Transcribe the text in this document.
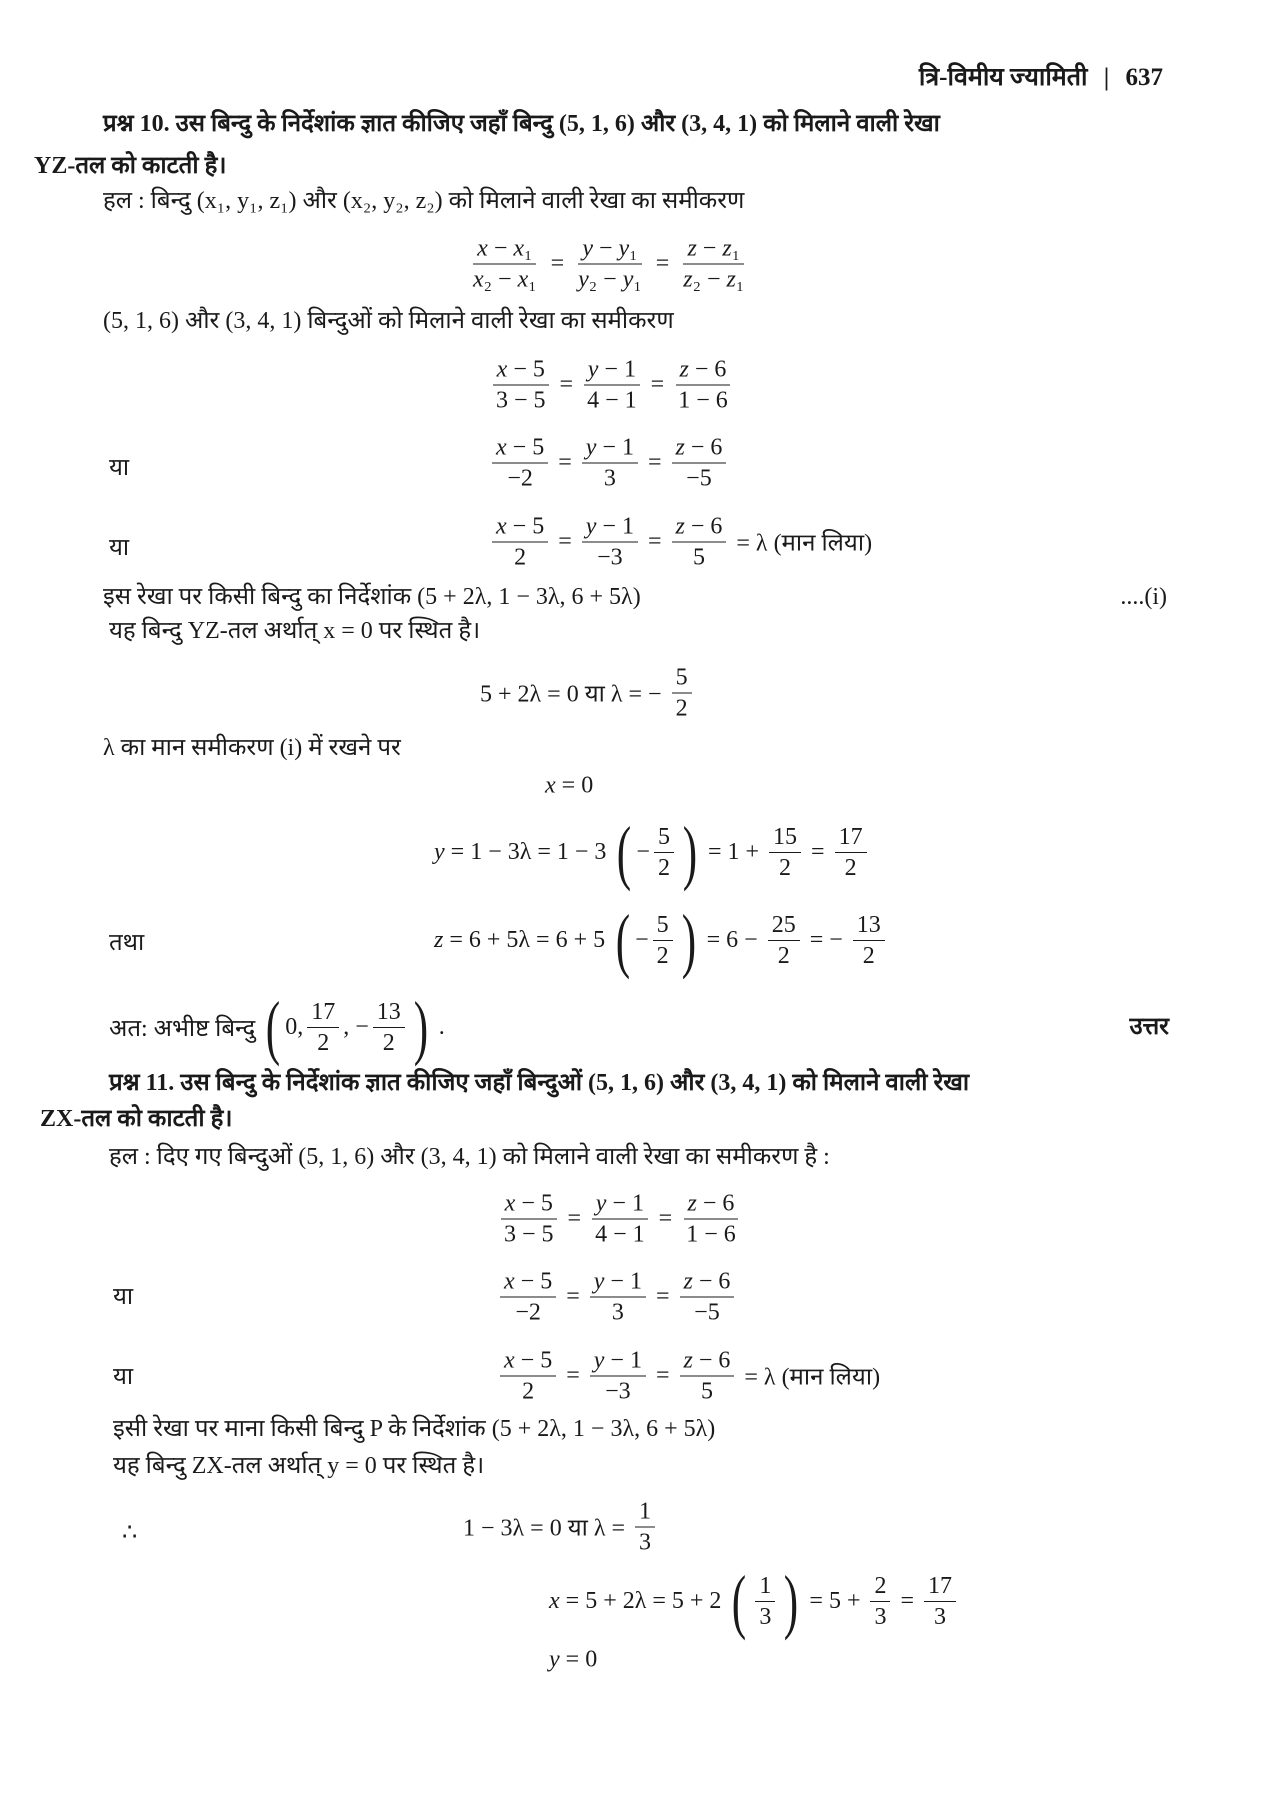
त्रि-विमीय ज्यामिती | 637
प्रश्न 10. उस बिन्दु के निर्देशांक ज्ञात कीजिए जहाँ बिन्दु (5, 1, 6) और (3, 4, 1) को मिलाने वाली रेखा
YZ-तल को काटती है।
हल : बिन्दु (x₁, y₁, z₁) और (x₂, y₂, z₂) को मिलाने वाली रेखा का समीकरण
$\frac{\text{x − x₁}}{\text{x₂ − x₁}} = \frac{\text{y − y₁}}{\text{y₂ − y₁}} = \frac{\text{z − z₁}}{\text{z₂ − z₁}}$
(5, 1, 6) और (3, 4, 1) बिन्दुओं को मिलाने वाली रेखा का समीकरण
$\frac{x - 5}{3 - 5} = \frac{y - 1}{4 - 1} = \frac{z - 6}{1 - 6}$
या	$\frac{x - 5}{-2} = \frac{y - 1}{3} = \frac{z - 6}{-5}$
या	$\frac{x - 5}{2} = \frac{y - 1}{-3} = \frac{z - 6}{5} = \lambda$ (मान लिया)
इस रेखा पर किसी बिन्दु का निर्देशांक (5 + 2λ, 1 − 3λ, 6 + 5λ)	....(i)
यह बिन्दु YZ-तल अर्थात् x = 0 पर स्थित है।
5 + 2λ = 0 या λ = − $\frac{5}{2}$
λ का मान समीकरण (i) में रखने पर
x = 0
y = 1 − 3λ = 1 − 3 ( − $\frac{5}{2}$ ) = $1 + \frac{15}{2} = \frac{17}{2}$
तथा	z = 6 + 5λ = 6 + 5 ( − $\frac{5}{2}$ ) = $6 - \frac{25}{2}$ = − $\frac{13}{2}$
अत: अभीष्ट बिन्दु ( 0, $\frac{17}{2}$ , − $\frac{13}{2}$ ) .	उत्तर
प्रश्न 11. उस बिन्दु के निर्देशांक ज्ञात कीजिए जहाँ बिन्दुओं (5, 1, 6) और (3, 4, 1) को मिलाने वाली रेखा
ZX-तल को काटती है।
हल : दिए गए बिन्दुओं (5, 1, 6) और (3, 4, 1) को मिलाने वाली रेखा का समीकरण है :
$\frac{x - 5}{3 - 5} = \frac{y - 1}{4 - 1} = \frac{z - 6}{1 - 6}$
या	$\frac{x - 5}{-2} = \frac{y - 1}{3} = \frac{z - 6}{-5}$
या	$\frac{x - 5}{2} = \frac{y - 1}{-3} = \frac{z - 6}{5} = \lambda$ (मान लिया)
इसी रेखा पर माना किसी बिन्दु P के निर्देशांक (5 + 2λ, 1 − 3λ, 6 + 5λ)
यह बिन्दु ZX-तल अर्थात् y = 0 पर स्थित है।
∴	1 − 3λ = 0 या $\lambda = \frac{1}{3}$
x = 5 + 2λ = 5 + 2 ( $\frac{1}{3}$ ) = $5 + \frac{2}{3} = \frac{17}{3}$
y = 0
